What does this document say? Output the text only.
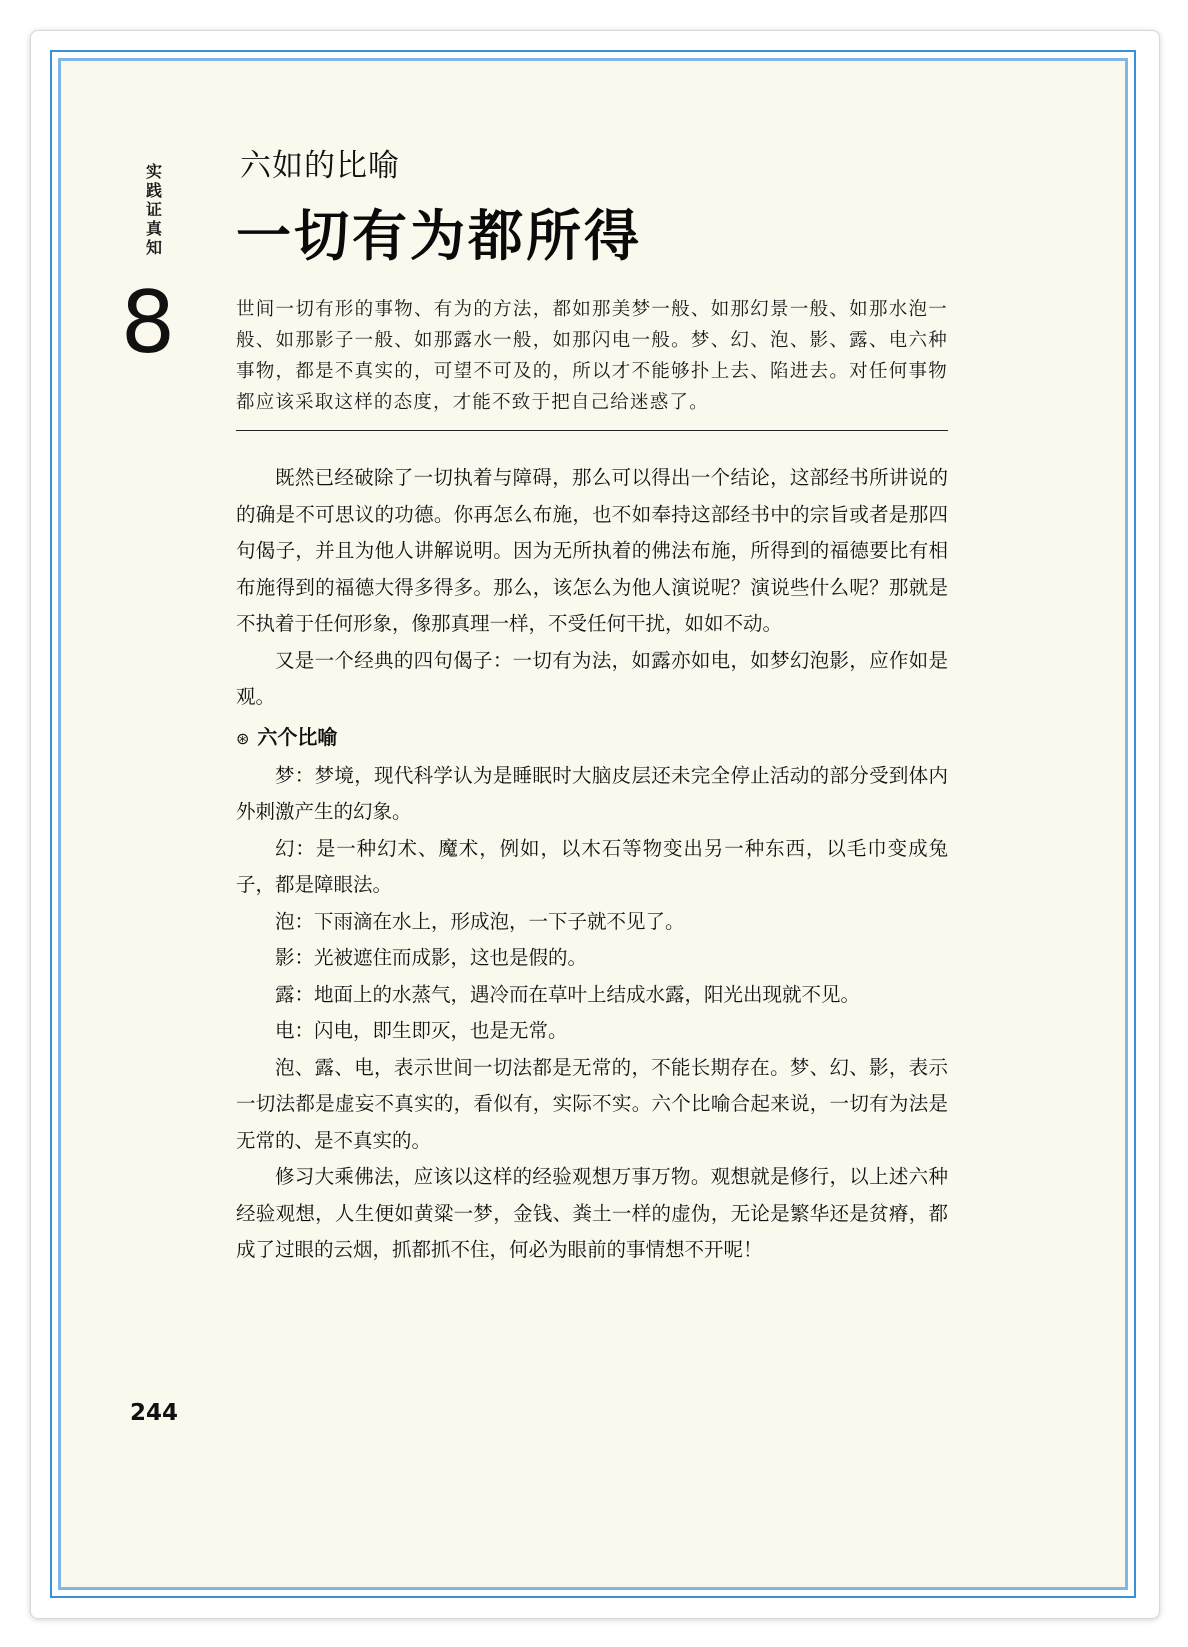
实践证真知
8
六如的比喻
一切有为都所得
世间一切有形的事物、有为的方法，都如那美梦一般、如那幻景一般、如那水泡一般、如那影子一般、如那露水一般，如那闪电一般。梦、幻、泡、影、露、电六种事物，都是不真实的，可望不可及的，所以才不能够扑上去、陷进去。对任何事物都应该采取这样的态度，才能不致于把自己给迷惑了。

既然已经破除了一切执着与障碍，那么可以得出一个结论，这部经书所讲说的的确是不可思议的功德。你再怎么布施，也不如奉持这部经书中的宗旨或者是那四句偈子，并且为他人讲解说明。因为无所执着的佛法布施，所得到的福德要比有相布施得到的福德大得多得多。那么，该怎么为他人演说呢？演说些什么呢？那就是不执着于任何形象，像那真理一样，不受任何干扰，如如不动。

又是一个经典的四句偈子：一切有为法，如露亦如电，如梦幻泡影，应作如是观。

⊛ 六个比喻

梦：梦境，现代科学认为是睡眠时大脑皮层还未完全停止活动的部分受到体内外刺激产生的幻象。

幻：是一种幻术、魔术，例如，以木石等物变出另一种东西，以毛巾变成兔子，都是障眼法。

泡：下雨滴在水上，形成泡，一下子就不见了。

影：光被遮住而成影，这也是假的。

露：地面上的水蒸气，遇冷而在草叶上结成水露，阳光出现就不见。

电：闪电，即生即灭，也是无常。

泡、露、电，表示世间一切法都是无常的，不能长期存在。梦、幻、影，表示一切法都是虚妄不真实的，看似有，实际不实。六个比喻合起来说，一切有为法是无常的、是不真实的。

修习大乘佛法，应该以这样的经验观想万事万物。观想就是修行，以上述六种经验观想，人生便如黄粱一梦，金钱、粪土一样的虚伪，无论是繁华还是贫瘠，都成了过眼的云烟，抓都抓不住，何必为眼前的事情想不开呢！

244
